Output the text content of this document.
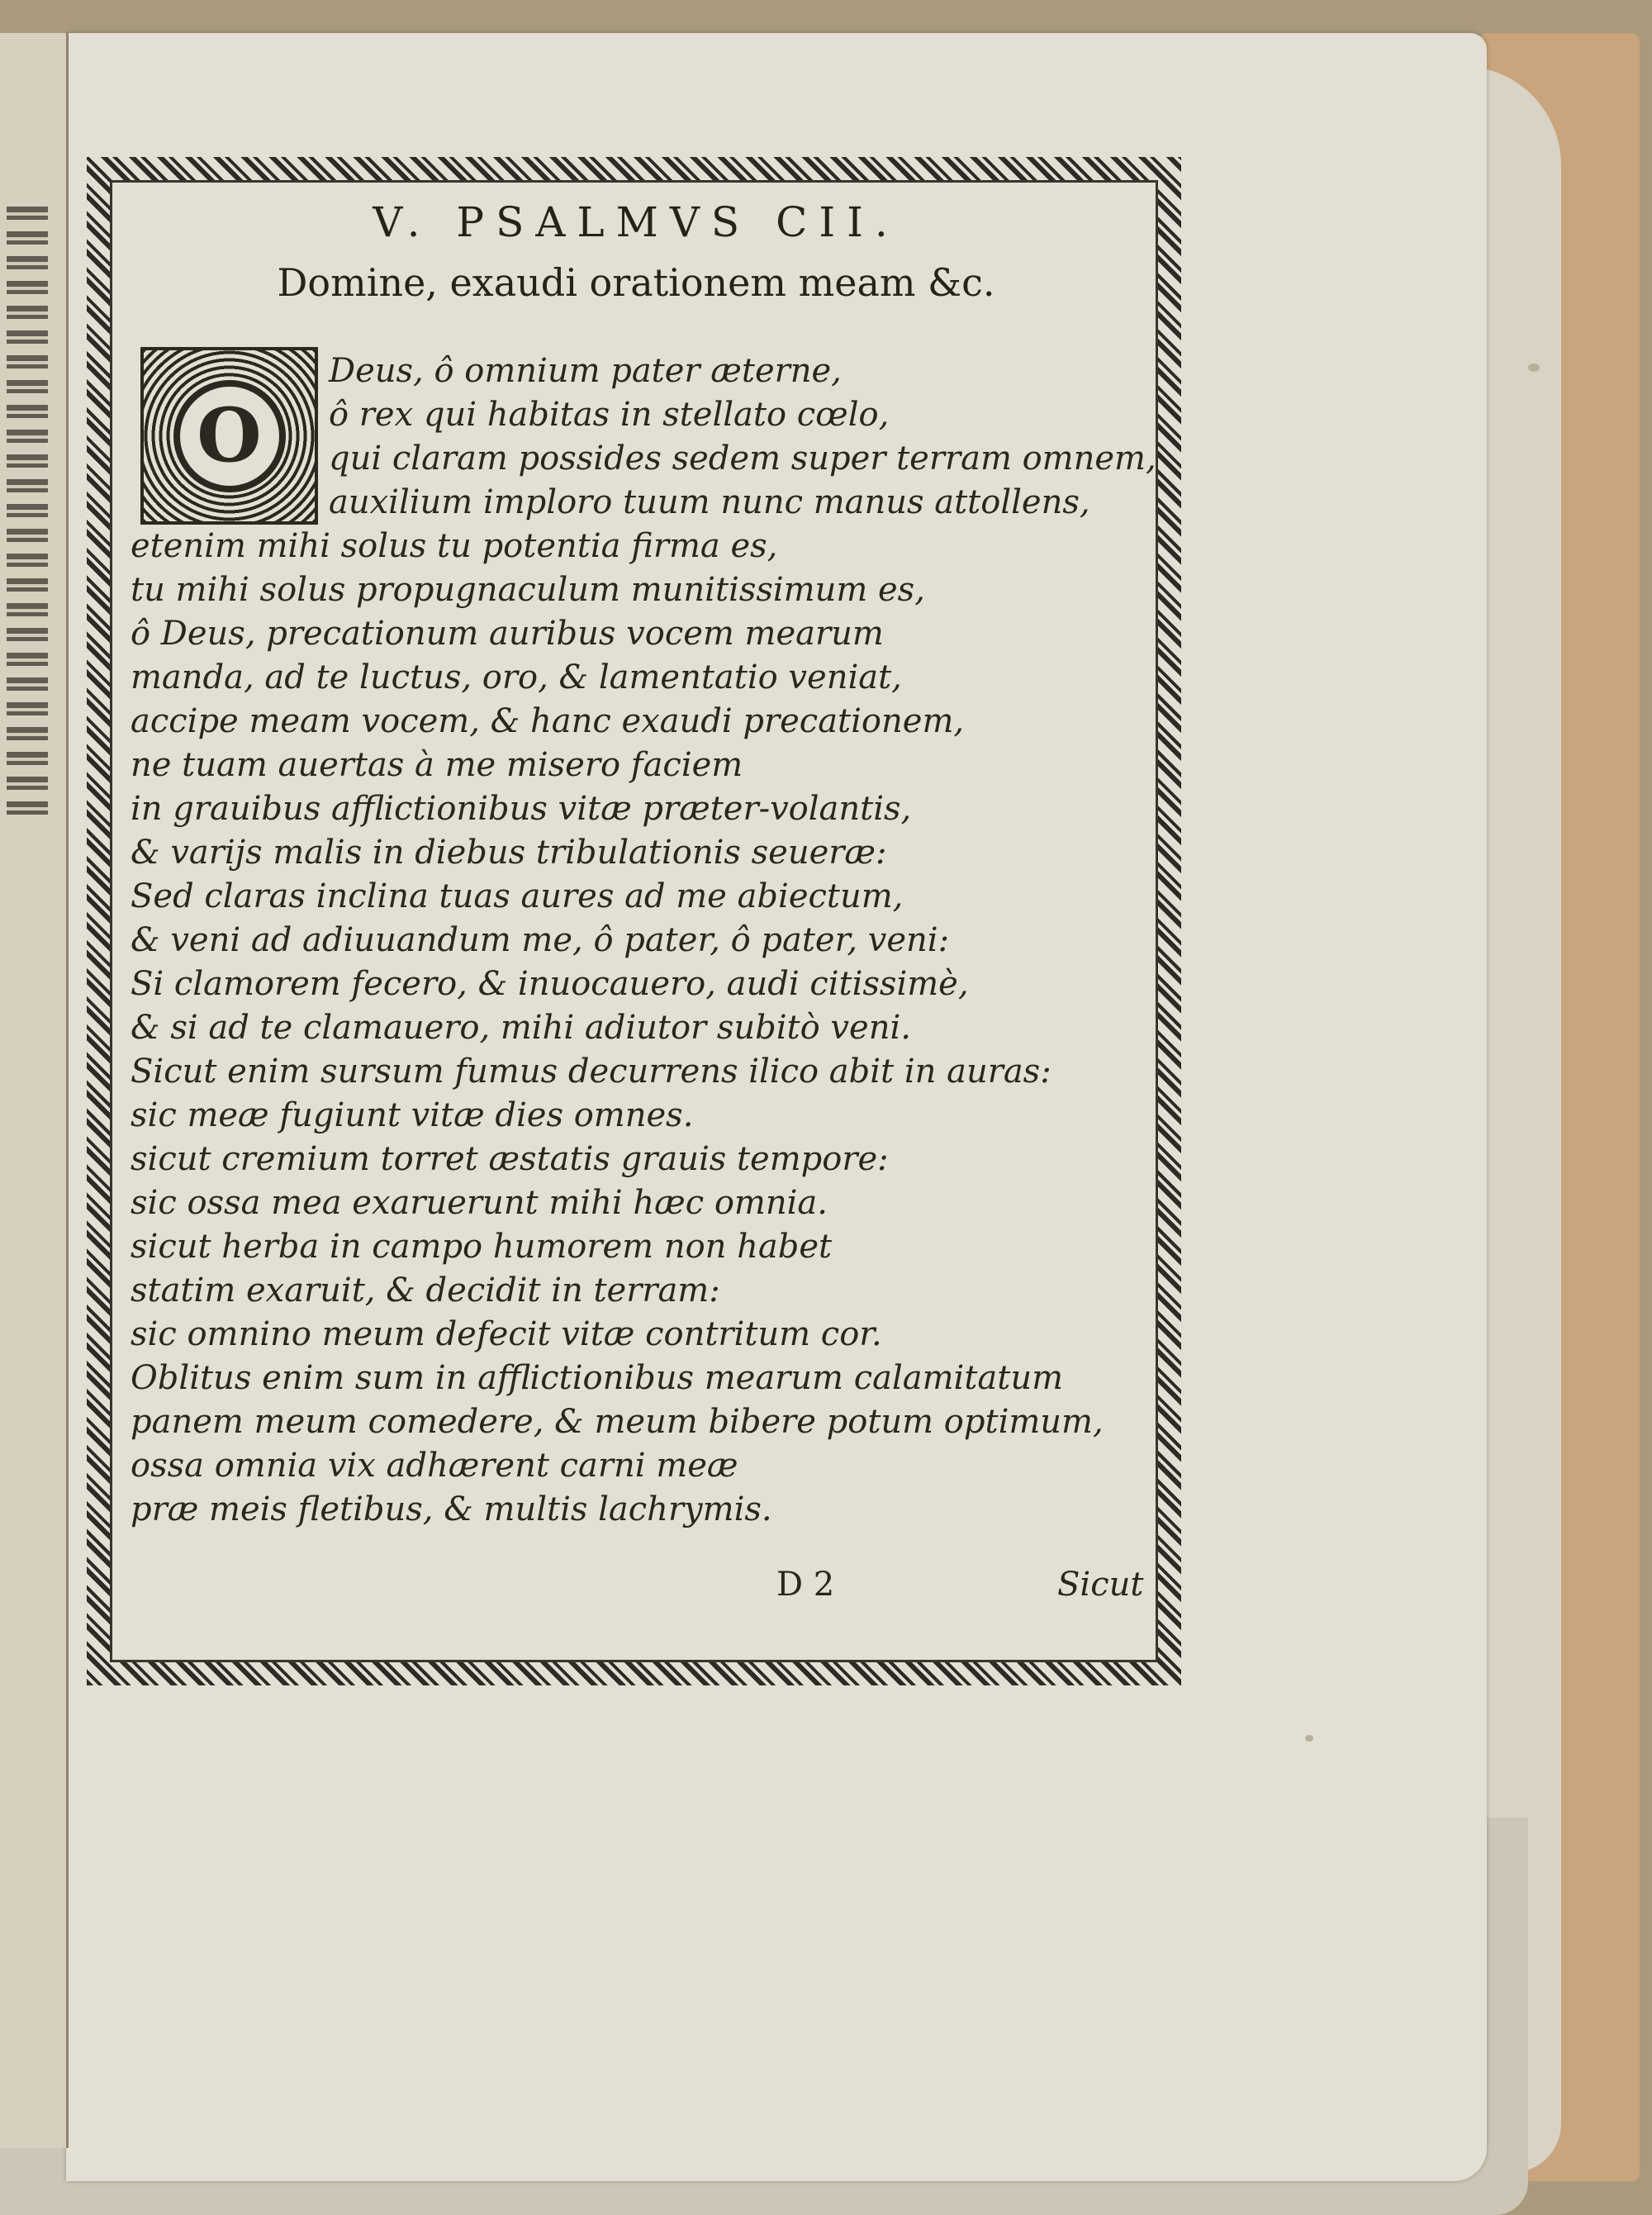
V. PSALMVS CII.
Domine, exaudi orationem meam &c.
O
Deus, ô omnium pater æterne,
ô rex qui habitas in stellato cœlo,
qui claram possides sedem super terram omnem,
auxilium imploro tuum nunc manus attollens,
etenim mihi solus tu potentia firma es,
tu mihi solus propugnaculum munitissimum es,
ô Deus, precationum auribus vocem mearum
manda, ad te luctus, oro, & lamentatio veniat,
accipe meam vocem, & hanc exaudi precationem,
ne tuam auertas à me misero faciem
in grauibus afflictionibus vitæ præter-volantis,
& varijs malis in diebus tribulationis seueræ:
Sed claras inclina tuas aures ad me abiectum,
& veni ad adiuuandum me, ô pater, ô pater, veni:
Si clamorem fecero, & inuocauero, audi citissimè,
& si ad te clamauero, mihi adiutor subitò veni.
Sicut enim sursum fumus decurrens ilico abit in auras:
sic meæ fugiunt vitæ dies omnes.
sicut cremium torret æstatis grauis tempore:
sic ossa mea exaruerunt mihi hæc omnia.
sicut herba in campo humorem non habet
statim exaruit, & decidit in terram:
sic omnino meum defecit vitæ contritum cor.
Oblitus enim sum in afflictionibus mearum calamitatum
panem meum comedere, & meum bibere potum optimum,
ossa omnia vix adhærent carni meæ
præ meis fletibus, & multis lachrymis.
D 2	Sicut
